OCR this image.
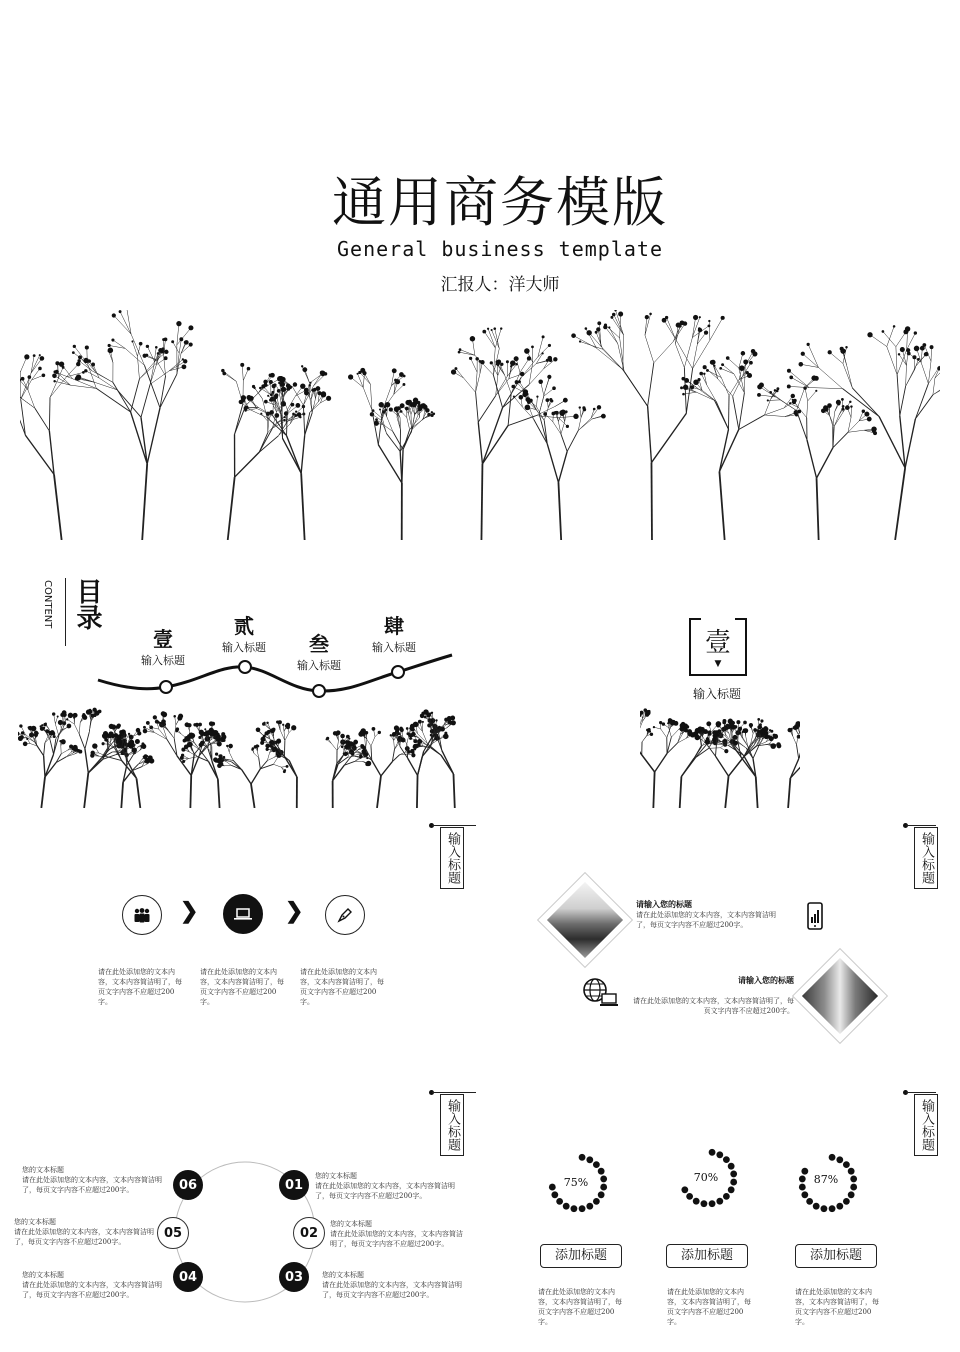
通用商务模版
General business template
汇报人：洋大师
CONTENT 目录
壹
输入标题
贰
输入标题	叁
输入标题
肆
输入标题	壹
▼
输入标题
输入标题
❯	❯
请在此处添加您的文本内容，文本内容简洁明了，每页文字内容不应超过200字。
请在此处添加您的文本内容，文本内容简洁明了，每页文字内容不应超过200字。
请在此处添加您的文本内容，文本内容简洁明了，每页文字内容不应超过200字。
输入标题
请输入您的标题
请在此处添加您的文本内容，文本内容简洁明了，每页文字内容不应超过200字。
请输入您的标题
请在此处添加您的文本内容，文本内容简洁明了，每页文字内容不应超过200字。
输入标题
06	01
05	02
04	03
您的文本标题
请在此处添加您的文本内容，文本内容简洁明了，每页文字内容不应超过200字。
您的文本标题
请在此处添加您的文本内容，文本内容简洁明了，每页文字内容不应超过200字。
您的文本标题
请在此处添加您的文本内容，文本内容简洁明了，每页文字内容不应超过200字。
您的文本标题
请在此处添加您的文本内容，文本内容简洁明了，每页文字内容不应超过200字。
您的文本标题
请在此处添加您的文本内容，文本内容简洁明了，每页文字内容不应超过200字。
您的文本标题
请在此处添加您的文本内容，文本内容简洁明了，每页文字内容不应超过200字。
输入标题
75%	70%	87%
添加标题	添加标题	添加标题
请在此处添加您的文本内容，文本内容简洁明了，每页文字内容不应超过200字。
请在此处添加您的文本内容，文本内容简洁明了，每页文字内容不应超过200字。
请在此处添加您的文本内容，文本内容简洁明了，每页文字内容不应超过200字。
